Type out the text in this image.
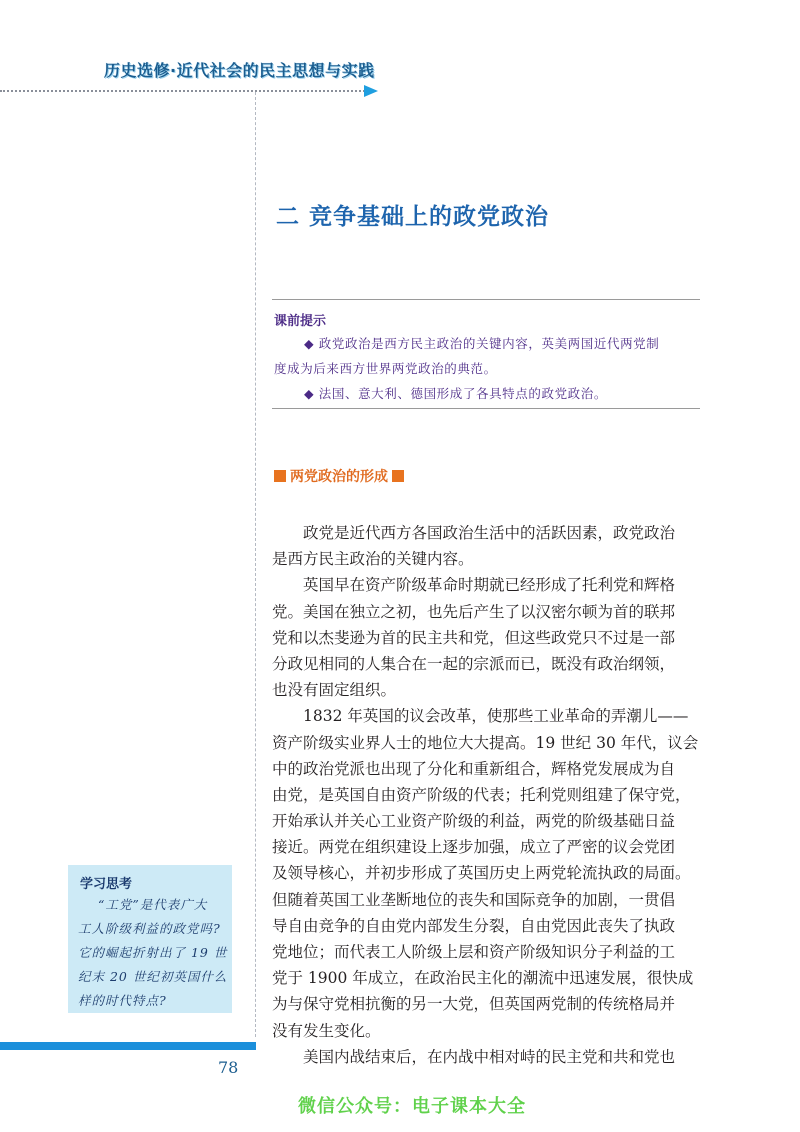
历史选修·近代社会的民主思想与实践
二 竞争基础上的政党政治
课前提示
◆ 政党政治是西方民主政治的关键内容，英美两国近代两党制
度成为后来西方世界两党政治的典范。
◆ 法国、意大利、德国形成了各具特点的政党政治。
两党政治的形成
政党是近代西方各国政治生活中的活跃因素，政党政治
是西方民主政治的关键内容。
英国早在资产阶级革命时期就已经形成了托利党和辉格
党。美国在独立之初，也先后产生了以汉密尔顿为首的联邦
党和以杰斐逊为首的民主共和党，但这些政党只不过是一部
分政见相同的人集合在一起的宗派而已，既没有政治纲领，
也没有固定组织。
1832 年英国的议会改革，使那些工业革命的弄潮儿——
资产阶级实业界人士的地位大大提高。19 世纪 30 年代，议会
中的政治党派也出现了分化和重新组合，辉格党发展成为自
由党，是英国自由资产阶级的代表；托利党则组建了保守党，
开始承认并关心工业资产阶级的利益，两党的阶级基础日益
接近。两党在组织建设上逐步加强，成立了严密的议会党团
及领导核心，并初步形成了英国历史上两党轮流执政的局面。
但随着英国工业垄断地位的丧失和国际竞争的加剧，一贯倡
导自由竞争的自由党内部发生分裂，自由党因此丧失了执政
党地位；而代表工人阶级上层和资产阶级知识分子利益的工
党于 1900 年成立，在政治民主化的潮流中迅速发展，很快成
为与保守党相抗衡的另一大党，但英国两党制的传统格局并
没有发生变化。
美国内战结束后，在内战中相对峙的民主党和共和党也
学习思考
“工党”是代表广大
工人阶级利益的政党吗?
它的崛起折射出了 19 世
纪末 20 世纪初英国什么
样的时代特点?
78
微信公众号：电子课本大全
